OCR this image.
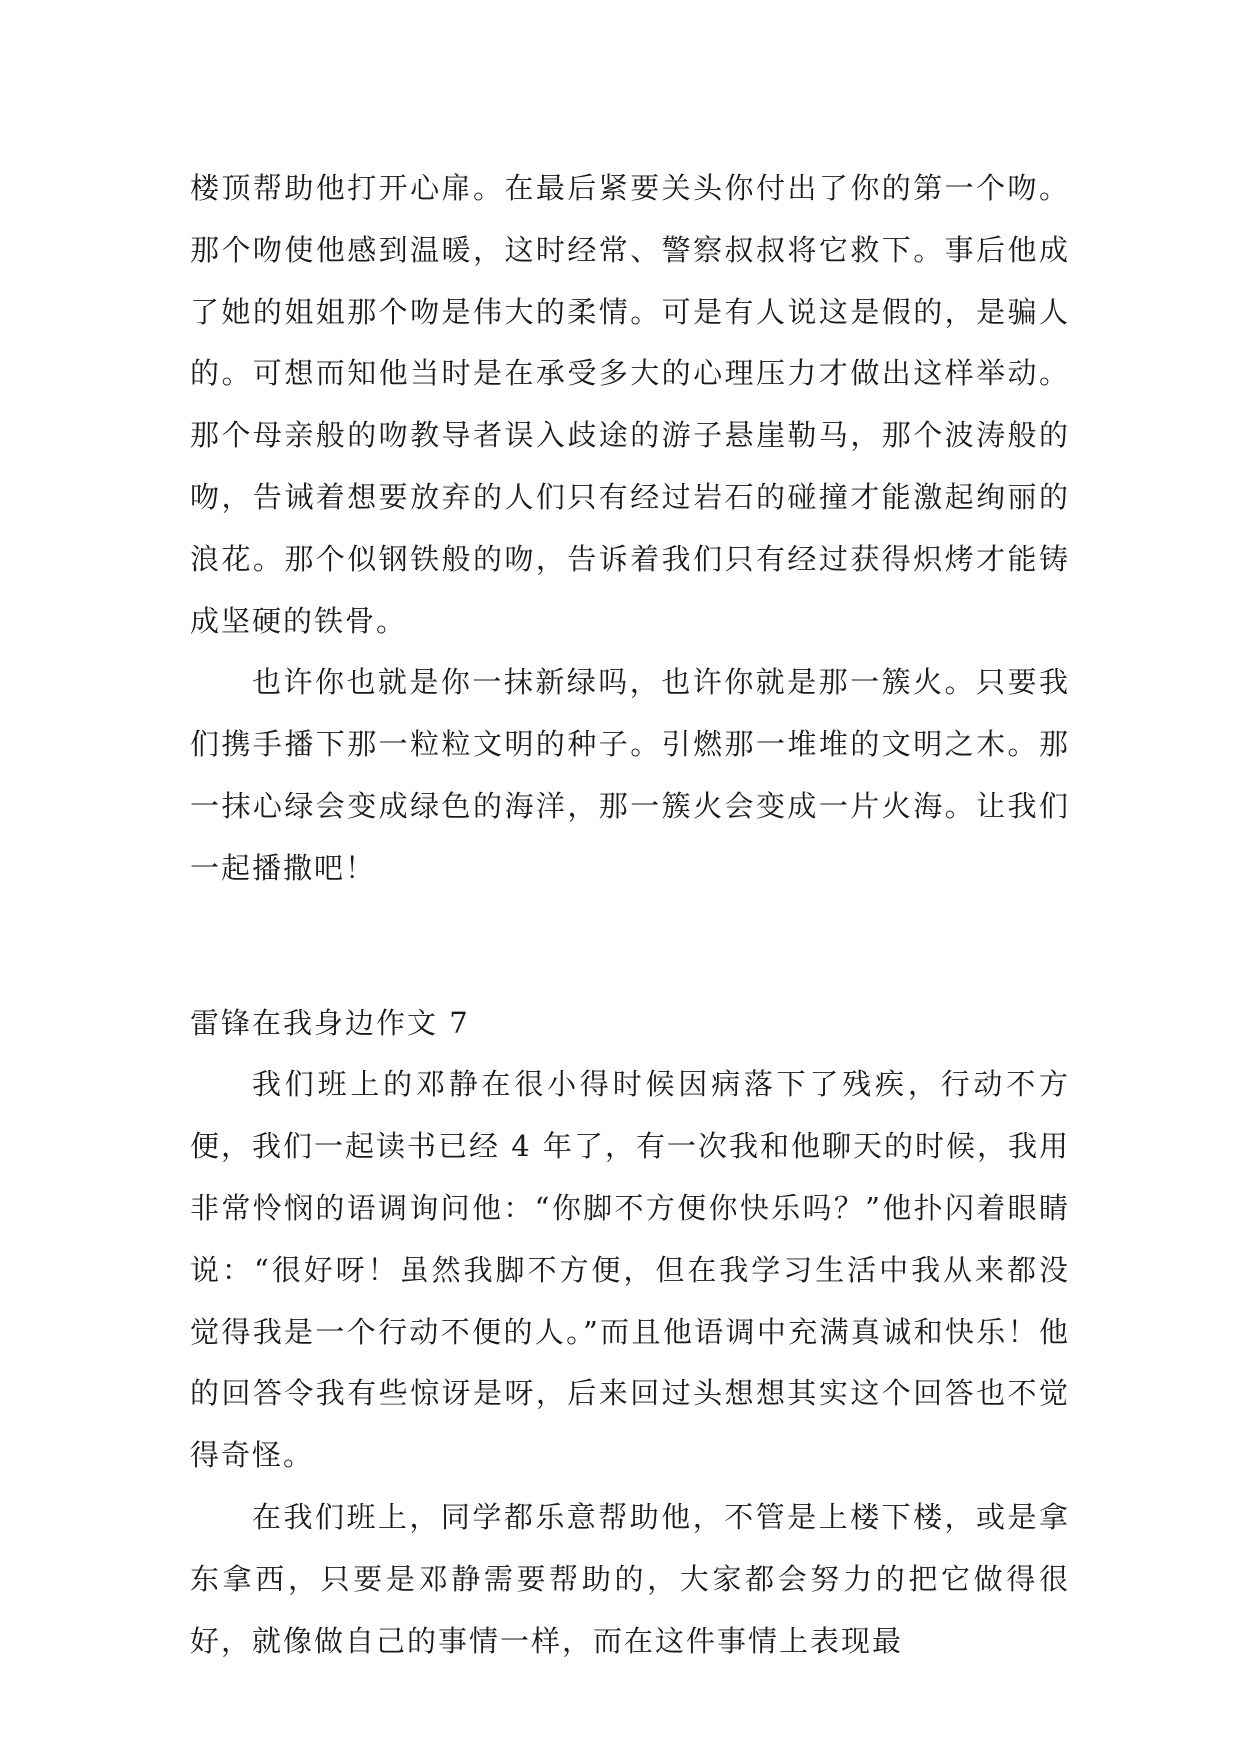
楼顶帮助他打开心扉。在最后紧要关头你付出了你的第一个吻。那个吻使他感到温暖，这时经常、警察叔叔将它救下。事后他成了她的姐姐那个吻是伟大的柔情。可是有人说这是假的，是骗人的。可想而知他当时是在承受多大的心理压力才做出这样举动。那个母亲般的吻教导者误入歧途的游子悬崖勒马，那个波涛般的吻，告诫着想要放弃的人们只有经过岩石的碰撞才能激起绚丽的浪花。那个似钢铁般的吻，告诉着我们只有经过获得炽烤才能铸成坚硬的铁骨。

也许你也就是你一抹新绿吗，也许你就是那一簇火。只要我们携手播下那一粒粒文明的种子。引燃那一堆堆的文明之木。那一抹心绿会变成绿色的海洋，那一簇火会变成一片火海。让我们一起播撒吧！

雷锋在我身边作文 7

我们班上的邓静在很小得时候因病落下了残疾，行动不方便，我们一起读书已经 4 年了，有一次我和他聊天的时候，我用非常怜悯的语调询问他：“你脚不方便你快乐吗？”他扑闪着眼睛说：“很好呀！虽然我脚不方便，但在我学习生活中我从来都没觉得我是一个行动不便的人。”而且他语调中充满真诚和快乐！他的回答令我有些惊讶是呀，后来回过头想想其实这个回答也不觉得奇怪。

在我们班上，同学都乐意帮助他，不管是上楼下楼，或是拿东拿西，只要是邓静需要帮助的，大家都会努力的把它做得很好，就像做自己的事情一样，而在这件事情上表现最
